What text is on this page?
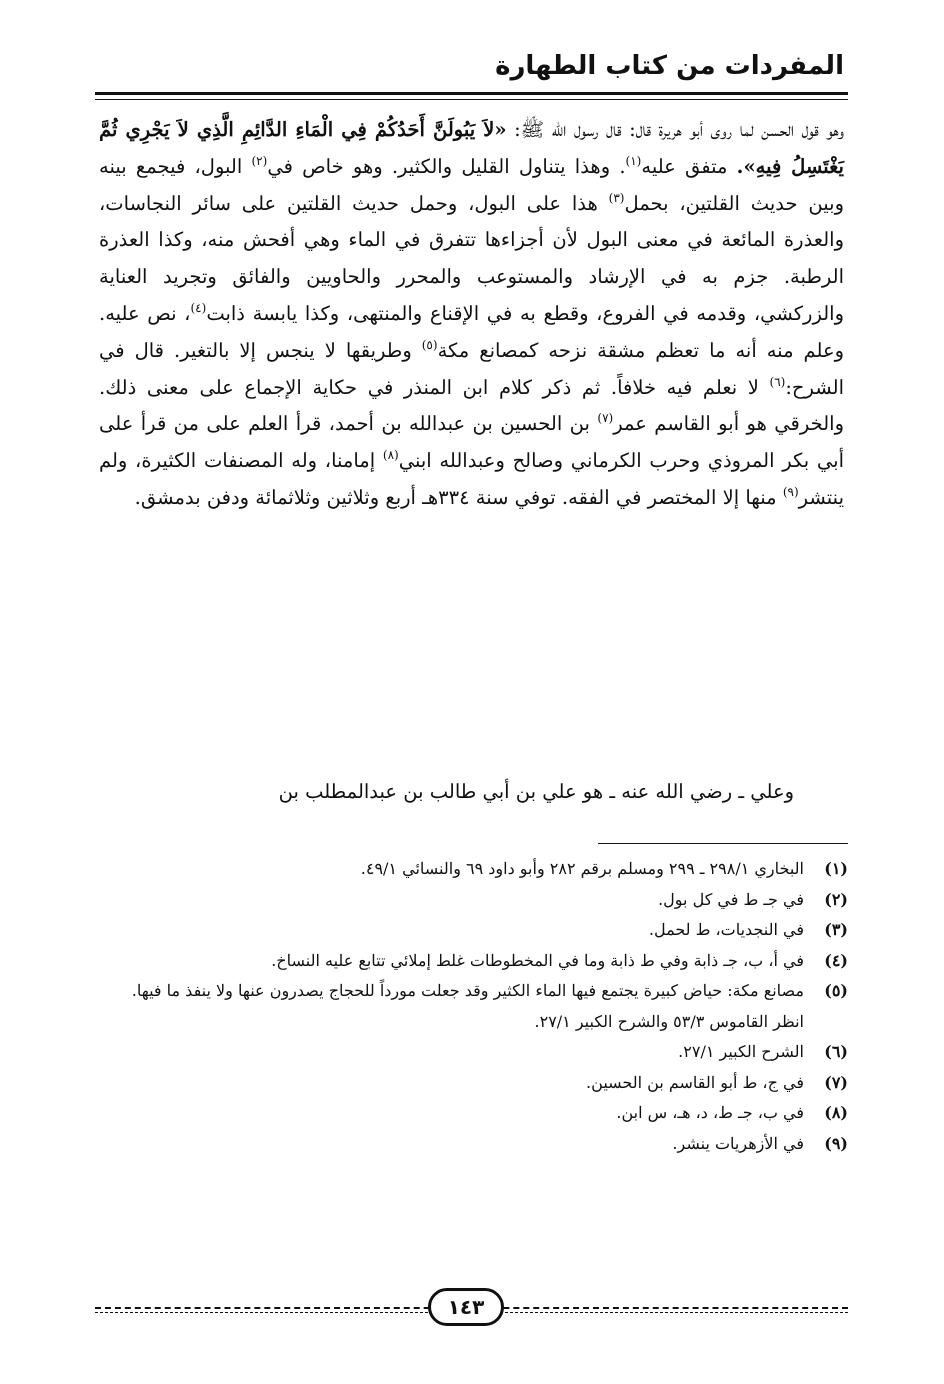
المفردات من كتاب الطهارة

وهو قول الحسن لما روى أبو هريرة قال: قال رسول الله ﷺ: «لاَ يَبُولَنَّ أَحَدُكُمْ فِي الْمَاءِ الدَّائِمِ الَّذِي لاَ يَجْرِي ثُمَّ يَغْتَسِلُ فِيهِ». متفق عليه$^{(١)}$. وهذا يتناول القليل والكثير. وهو خاص في$^{(٢)}$ البول، فيجمع بينه وبين حديث القلتين، بحمل$^{(٣)}$ هذا على البول، وحمل حديث القلتين على سائر النجاسات، والعذرة المائعة في معنى البول لأن أجزاءها تتفرق في الماء وهي أفحش منه، وكذا العذرة الرطبة. جزم به في الإرشاد والمستوعب والمحرر والحاويين والفائق وتجريد العناية والزركشي، وقدمه في الفروع، وقطع به في الإقناع والمنتهى، وكذا يابسة ذابت$^{(٤)}$، نص عليه. وعلم منه أنه ما تعظم مشقة نزحه كمصانع مكة$^{(٥)}$ وطريقها لا ينجس إلا بالتغير. قال في الشرح:$^{(٦)}$ لا نعلم فيه خلافاً. ثم ذكر كلام ابن المنذر في حكاية الإجماع على معنى ذلك. والخرقي هو أبو القاسم عمر$^{(٧)}$ بن الحسين بن عبدالله بن أحمد، قرأ العلم على من قرأ على أبي بكر المروذي وحرب الكرماني وصالح وعبدالله ابني$^{(٨)}$ إمامنا، وله المصنفات الكثيرة، ولم ينتشر$^{(٩)}$ منها إلا المختصر في الفقه. توفي سنة ٣٣٤هـ أربع وثلاثين وثلاثمائة ودفن بدمشق.

وعلي ـ رضي الله عنه ـ هو علي بن أبي طالب بن عبدالمطلب بن
(١)
البخاري ٢٩٨/١ ـ ٢٩٩ ومسلم برقم ٢٨٢ وأبو داود ٦٩ والنسائي ٤٩/١.
(٢)
في جـ ط في كل بول.
(٣)
في النجديات، ط لحمل.
(٤)
في أ، ب، جـ ذابة وفي ط ذابة وما في المخطوطات غلط إملائي تتابع عليه النساخ.
(٥)
مصانع مكة: حياض كبيرة يجتمع فيها الماء الكثير وقد جعلت مورداً للحجاج يصدرون عنها ولا ينفذ ما فيها.
انظر القاموس ٥٣/٣ والشرح الكبير ٢٧/١.
(٦)
الشرح الكبير ٢٧/١.
(٧)
في ج، ط أبو القاسم بن الحسين.
(٨)
في ب، جـ ط، د، هـ، س ابن.
(٩)
في الأزهريات ينشر.
١٤٣
